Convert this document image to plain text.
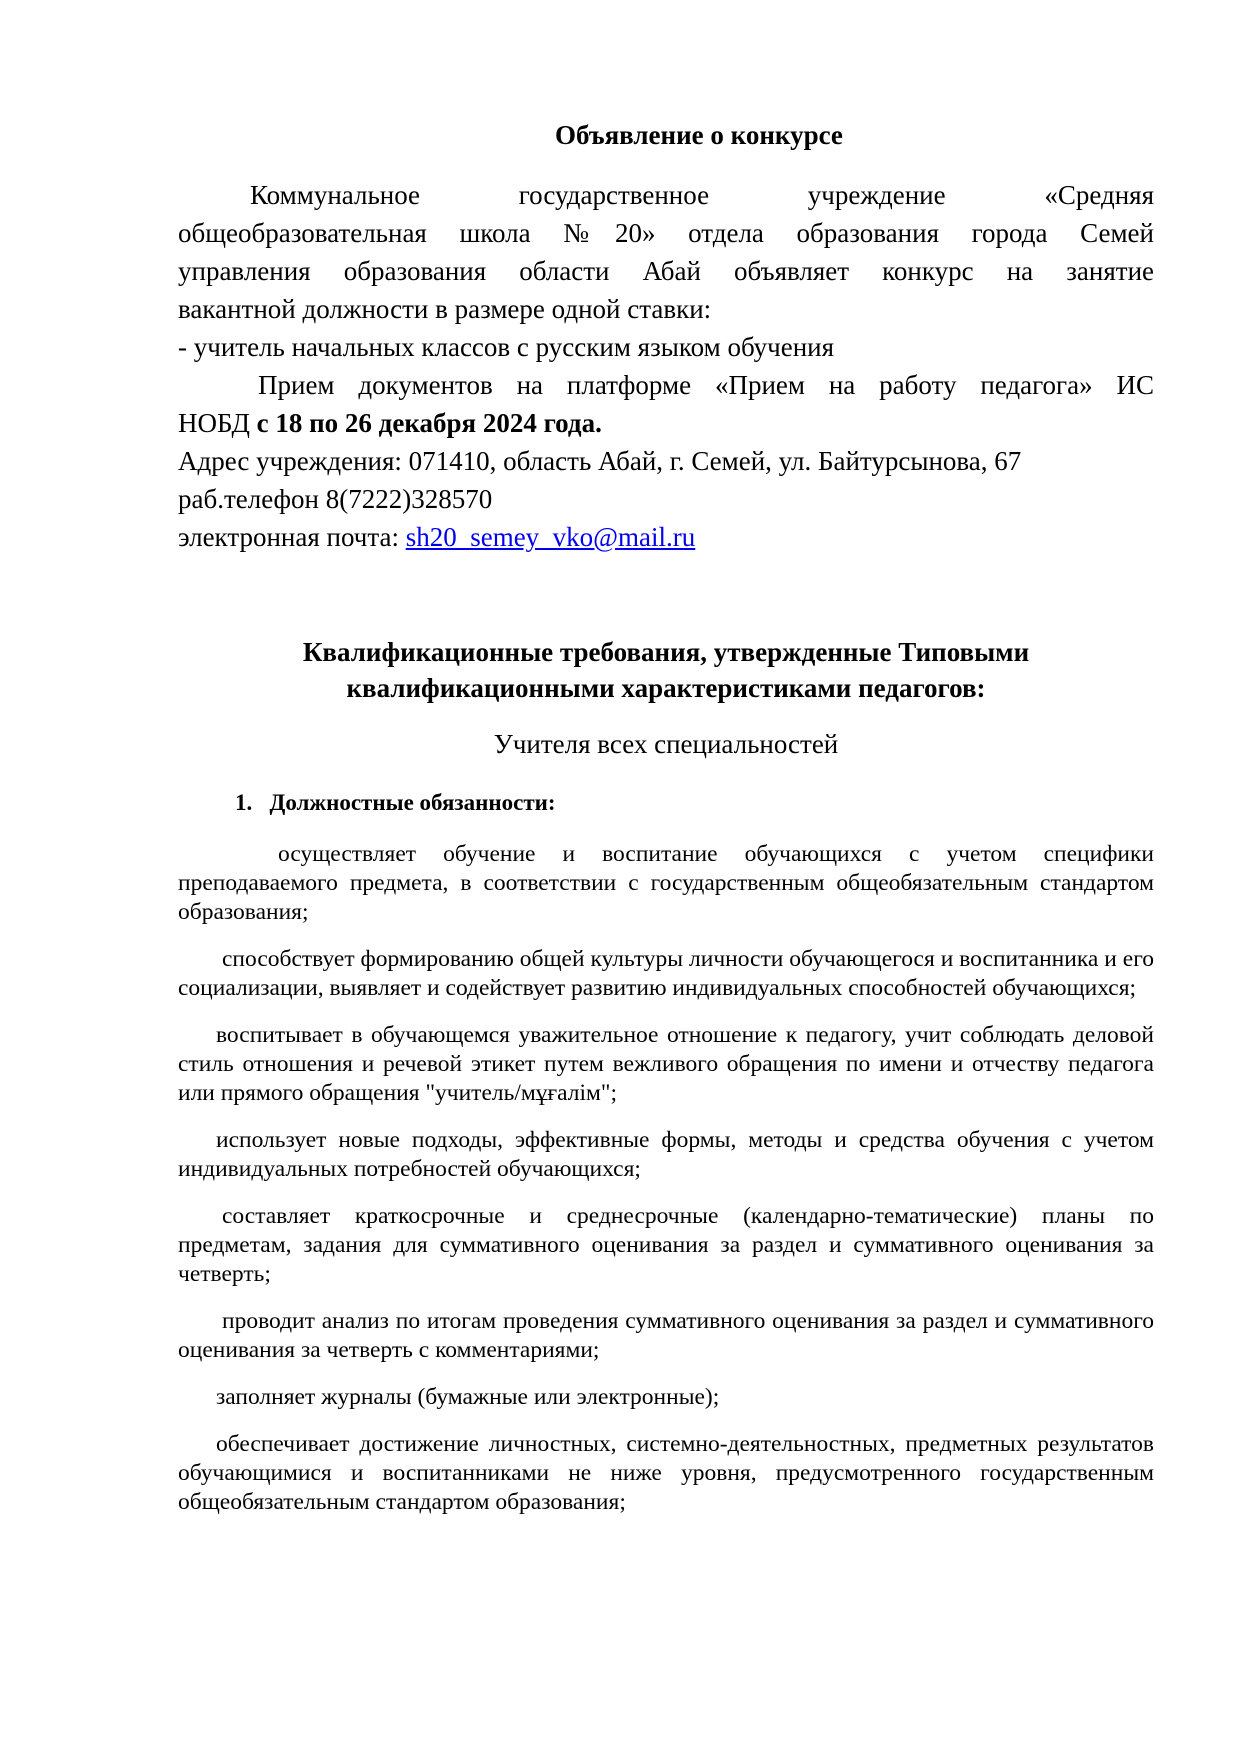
Объявление о конкурсе
Коммунальное государственное учреждение «Средняя
общеобразовательная школа №20» отдела образования города Семей
управления образования области Абай объявляет конкурс на занятие
вакантной должности в размере одной ставки:
- учитель начальных классов с русским языком обучения
Прием документов на платформе «Прием на работу педагога» ИС
НОБД с 18 по 26 декабря 2024 года.
Адрес учреждения: 071410, область Абай, г. Семей, ул. Байтурсынова, 67
раб.телефон 8(7222)328570
электронная почта: sh20_semey_vko@mail.ru
Квалификационные требования, утвержденные Типовыми
квалификационными характеристиками педагогов:
Учителя всех специальностей
1. Должностные обязанности:

осуществляет обучение и воспитание обучающихся с учетом специфики преподаваемого предмета, в соответствии с государственным общеобязательным стандартом образования;

способствует формированию общей культуры личности обучающегося и воспитанника и его социализации, выявляет и содействует развитию индивидуальных способностей обучающихся;

воспитывает в обучающемся уважительное отношение к педагогу, учит соблюдать деловой стиль отношения и речевой этикет путем вежливого обращения по имени и отчеству педагога или прямого обращения "учитель/мұғалім";

использует новые подходы, эффективные формы, методы и средства обучения с учетом индивидуальных потребностей обучающихся;

составляет краткосрочные и среднесрочные (календарно-тематические) планы по предметам, задания для суммативного оценивания за раздел и суммативного оценивания за четверть;

проводит анализ по итогам проведения суммативного оценивания за раздел и суммативного оценивания за четверть с комментариями;

заполняет журналы (бумажные или электронные);

обеспечивает достижение личностных, системно-деятельностных, предметных результатов обучающимися и воспитанниками не ниже уровня, предусмотренного государственным общеобязательным стандартом образования;
